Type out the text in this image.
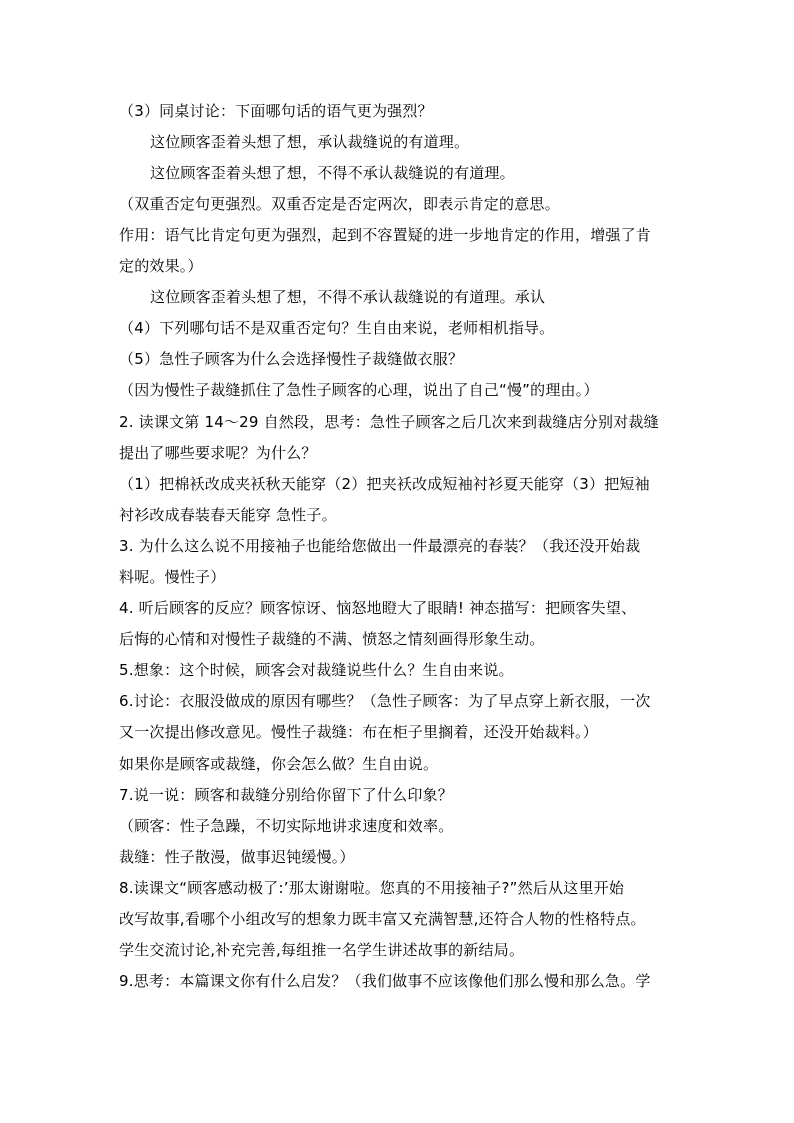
（3）同桌讨论：下面哪句话的语气更为强烈？
这位顾客歪着头想了想，承认裁缝说的有道理。
这位顾客歪着头想了想，不得不承认裁缝说的有道理。
（双重否定句更强烈。双重否定是否定两次，即表示肯定的意思。
作用：语气比肯定句更为强烈，起到不容置疑的进一步地肯定的作用，增强了肯
定的效果。）
这位顾客歪着头想了想，不得不承认裁缝说的有道理。承认
（4）下列哪句话不是双重否定句？生自由来说，老师相机指导。
（5）急性子顾客为什么会选择慢性子裁缝做衣服？
（因为慢性子裁缝抓住了急性子顾客的心理，说出了自己“慢”的理由。）
2. 读课文第 14～29 自然段，思考：急性子顾客之后几次来到裁缝店分别对裁缝
提出了哪些要求呢？为什么？
（1）把棉袄改成夹袄秋天能穿（2）把夹袄改成短袖衬衫夏天能穿（3）把短袖
衬衫改成春装春天能穿 急性子。
3. 为什么这么说不用接袖子也能给您做出一件最漂亮的春装？（我还没开始裁
料呢。慢性子）
4. 听后顾客的反应？顾客惊讶、恼怒地瞪大了眼睛! 神态描写：把顾客失望、
后悔的心情和对慢性子裁缝的不满、愤怒之情刻画得形象生动。
5.想象：这个时候，顾客会对裁缝说些什么？生自由来说。
6.讨论：衣服没做成的原因有哪些？（急性子顾客：为了早点穿上新衣服，一次
又一次提出修改意见。慢性子裁缝：布在柜子里搁着，还没开始裁料。）
如果你是顾客或裁缝，你会怎么做？生自由说。
7.说一说：顾客和裁缝分别给你留下了什么印象？
（顾客：性子急躁，不切实际地讲求速度和效率。
裁缝：性子散漫，做事迟钝缓慢。）
8.读课文“顾客感动极了:’那太谢谢啦。您真的不用接袖子?”然后从这里开始
改写故事,看哪个小组改写的想象力既丰富又充满智慧,还符合人物的性格特点。
学生交流讨论,补充完善,每组推一名学生讲述故事的新结局。
9.思考：本篇课文你有什么启发？（我们做事不应该像他们那么慢和那么急。学
